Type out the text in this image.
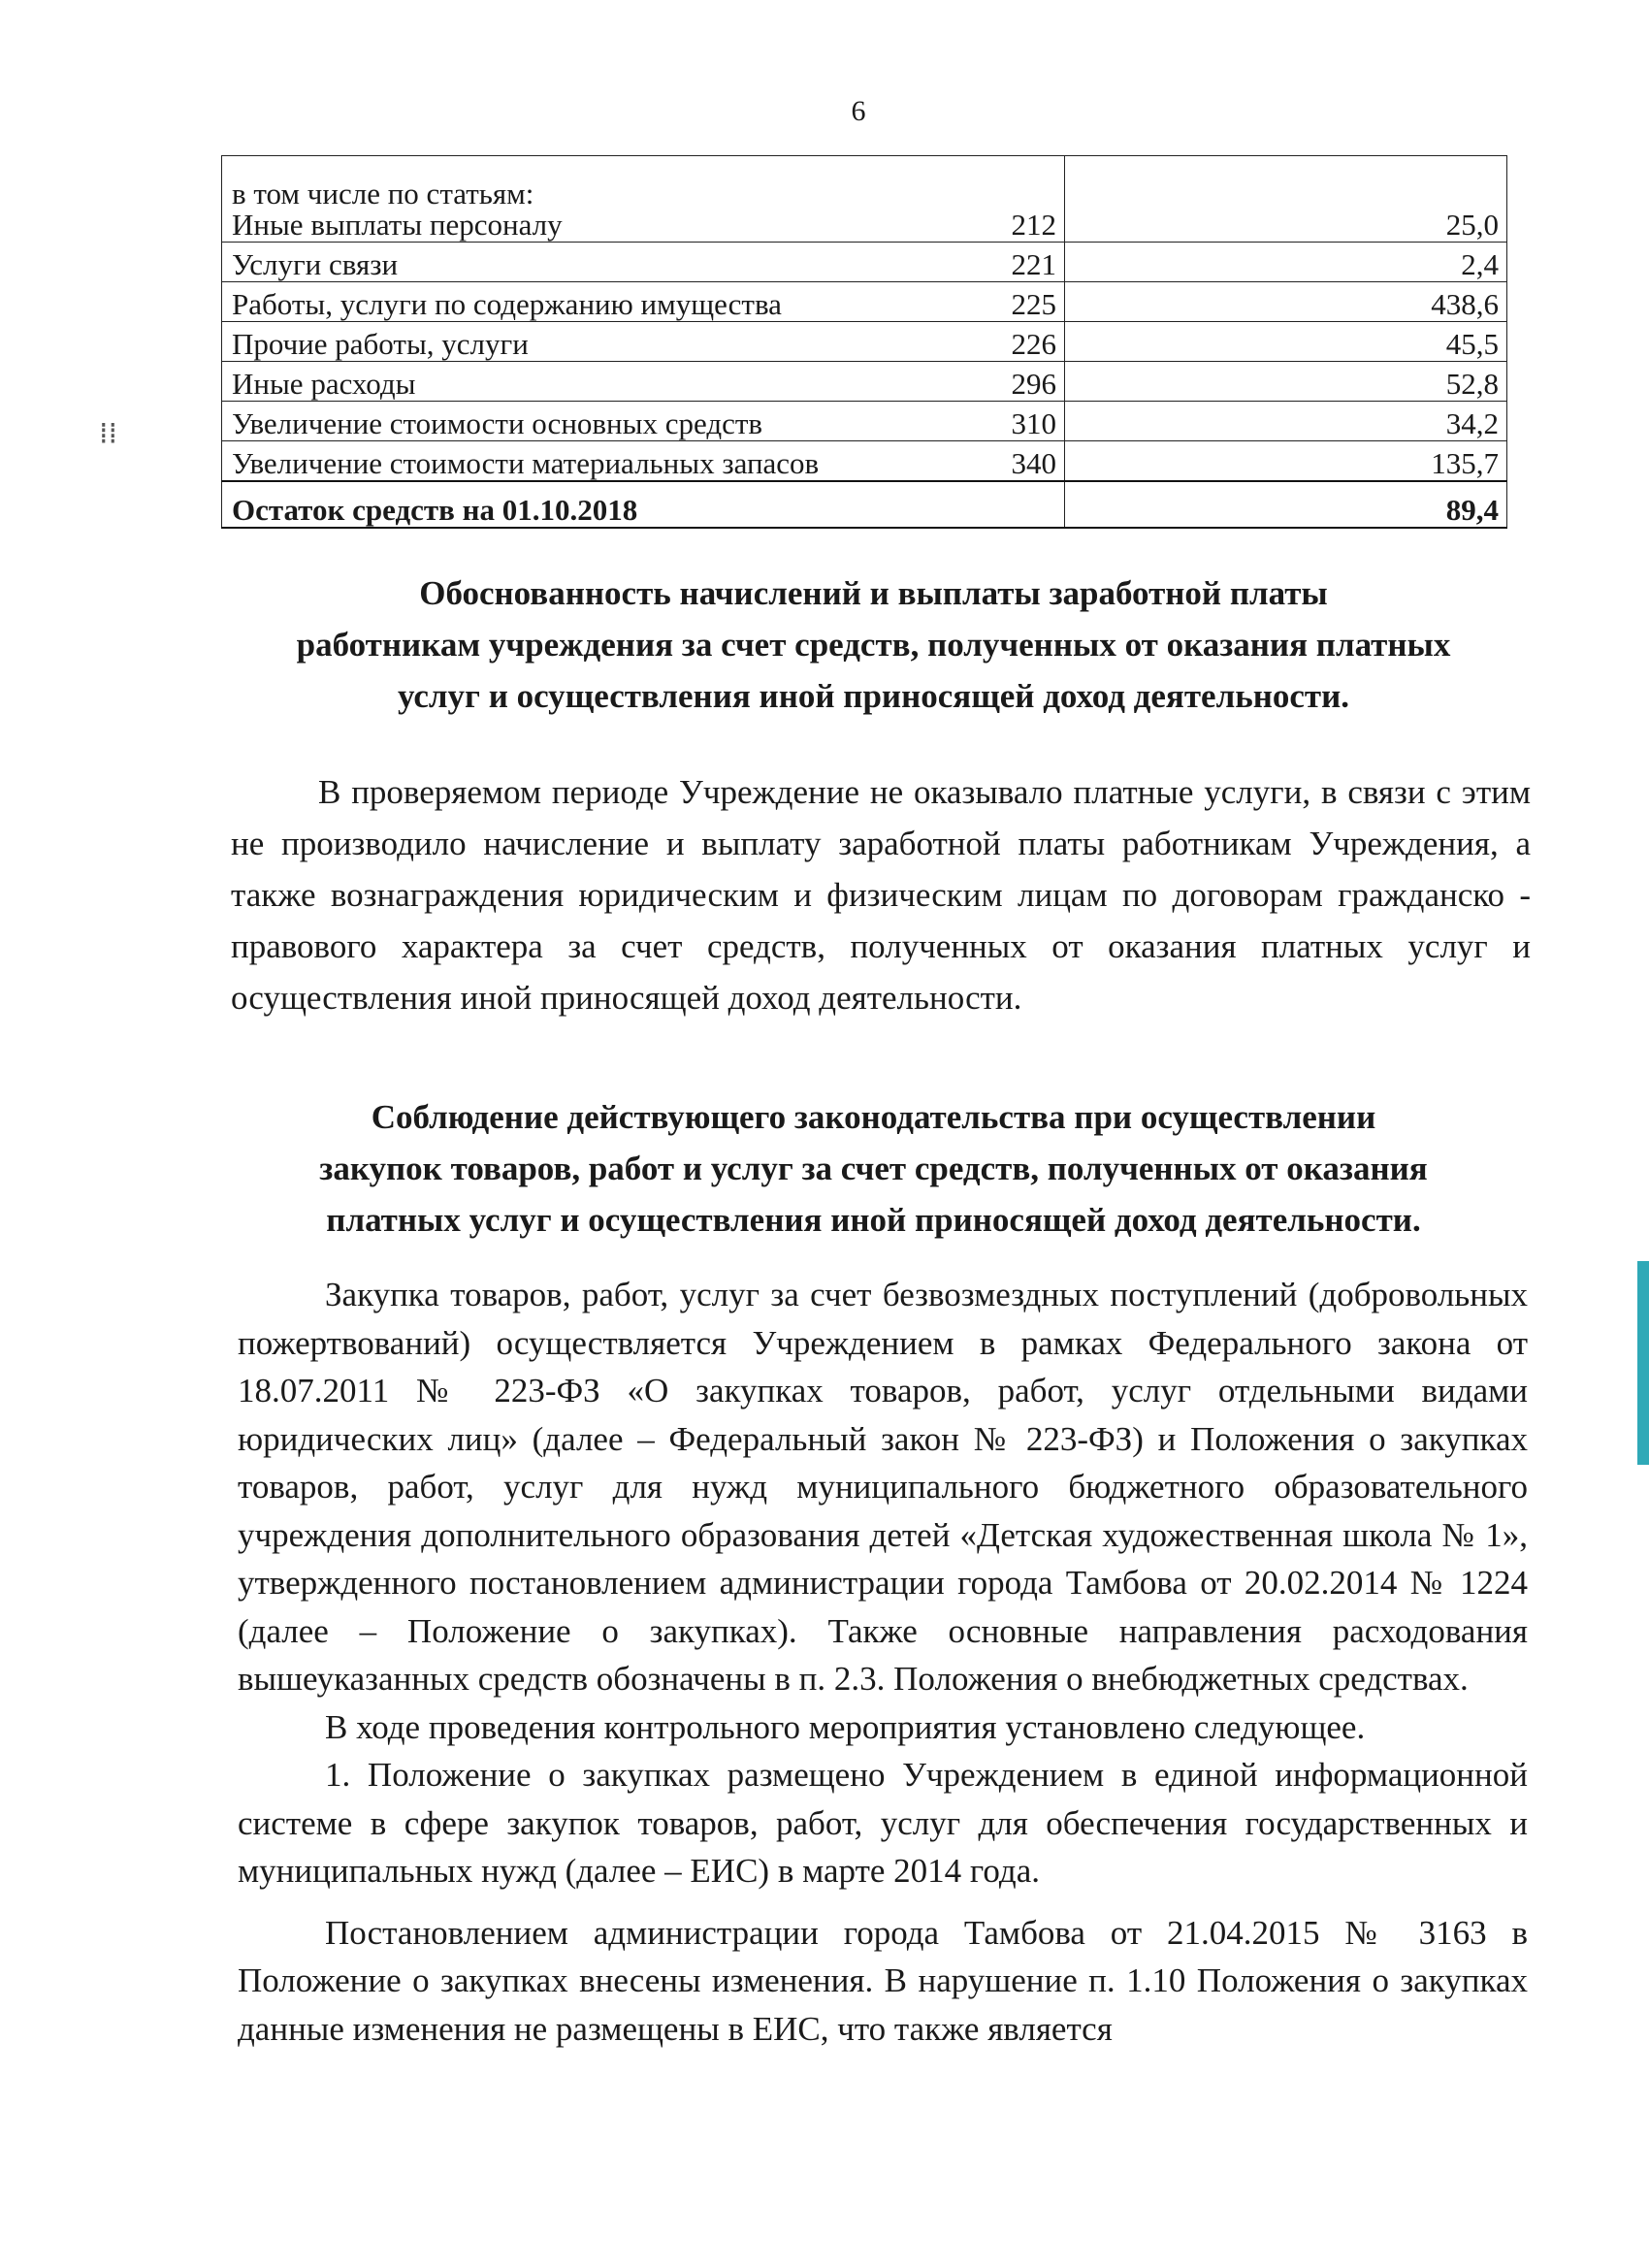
6
⁞⁞
в том числе по статьям:
Иные выплаты персоналу	212	25,0
Услуги связи	221	2,4
Работы, услуги по содержанию имущества	225	438,6
Прочие работы, услуги	226	45,5
Иные расходы	296	52,8
Увеличение стоимости основных средств	310	34,2
Увеличение стоимости материальных запасов	340	135,7
Остаток средств на 01.10.2018		89,4
Обоснованность начислений и выплаты заработной платы
работникам учреждения за счет средств, полученных от оказания платных
услуг и осуществления иной приносящей доход деятельности.

В проверяемом периоде Учреждение не оказывало платные услуги, в связи с этим не производило начисление и выплату заработной платы работникам Учреждения, а также вознаграждения юридическим и физическим лицам по договорам гражданско - правового характера за счет средств, полученных от оказания платных услуг и осуществления иной приносящей доход деятельности.

Соблюдение действующего законодательства при осуществлении
закупок товаров, работ и услуг за счет средств, полученных от оказания
платных услуг и осуществления иной приносящей доход деятельности.

Закупка товаров, работ, услуг за счет безвозмездных поступлений (добровольных пожертвований) осуществляется Учреждением в рамках Федерального закона от 18.07.2011 № 223-ФЗ «О закупках товаров, работ, услуг отдельными видами юридических лиц» (далее – Федеральный закон № 223-ФЗ) и Положения о закупках товаров, работ, услуг для нужд муниципального бюджетного образовательного учреждения дополнительного образования детей «Детская художественная школа № 1», утвержденного постановлением администрации города Тамбова от 20.02.2014 № 1224 (далее – Положение о закупках). Также основные направления расходования вышеуказанных средств обозначены в п. 2.3. Положения о внебюджетных средствах.

В ходе проведения контрольного мероприятия установлено следующее.

1. Положение о закупках размещено Учреждением в единой информационной системе в сфере закупок товаров, работ, услуг для обеспечения государственных и муниципальных нужд (далее – ЕИС) в марте 2014 года.

Постановлением администрации города Тамбова от 21.04.2015 № 3163 в Положение о закупках внесены изменения. В нарушение п. 1.10 Положения о закупках данные изменения не размещены в ЕИС, что также является
